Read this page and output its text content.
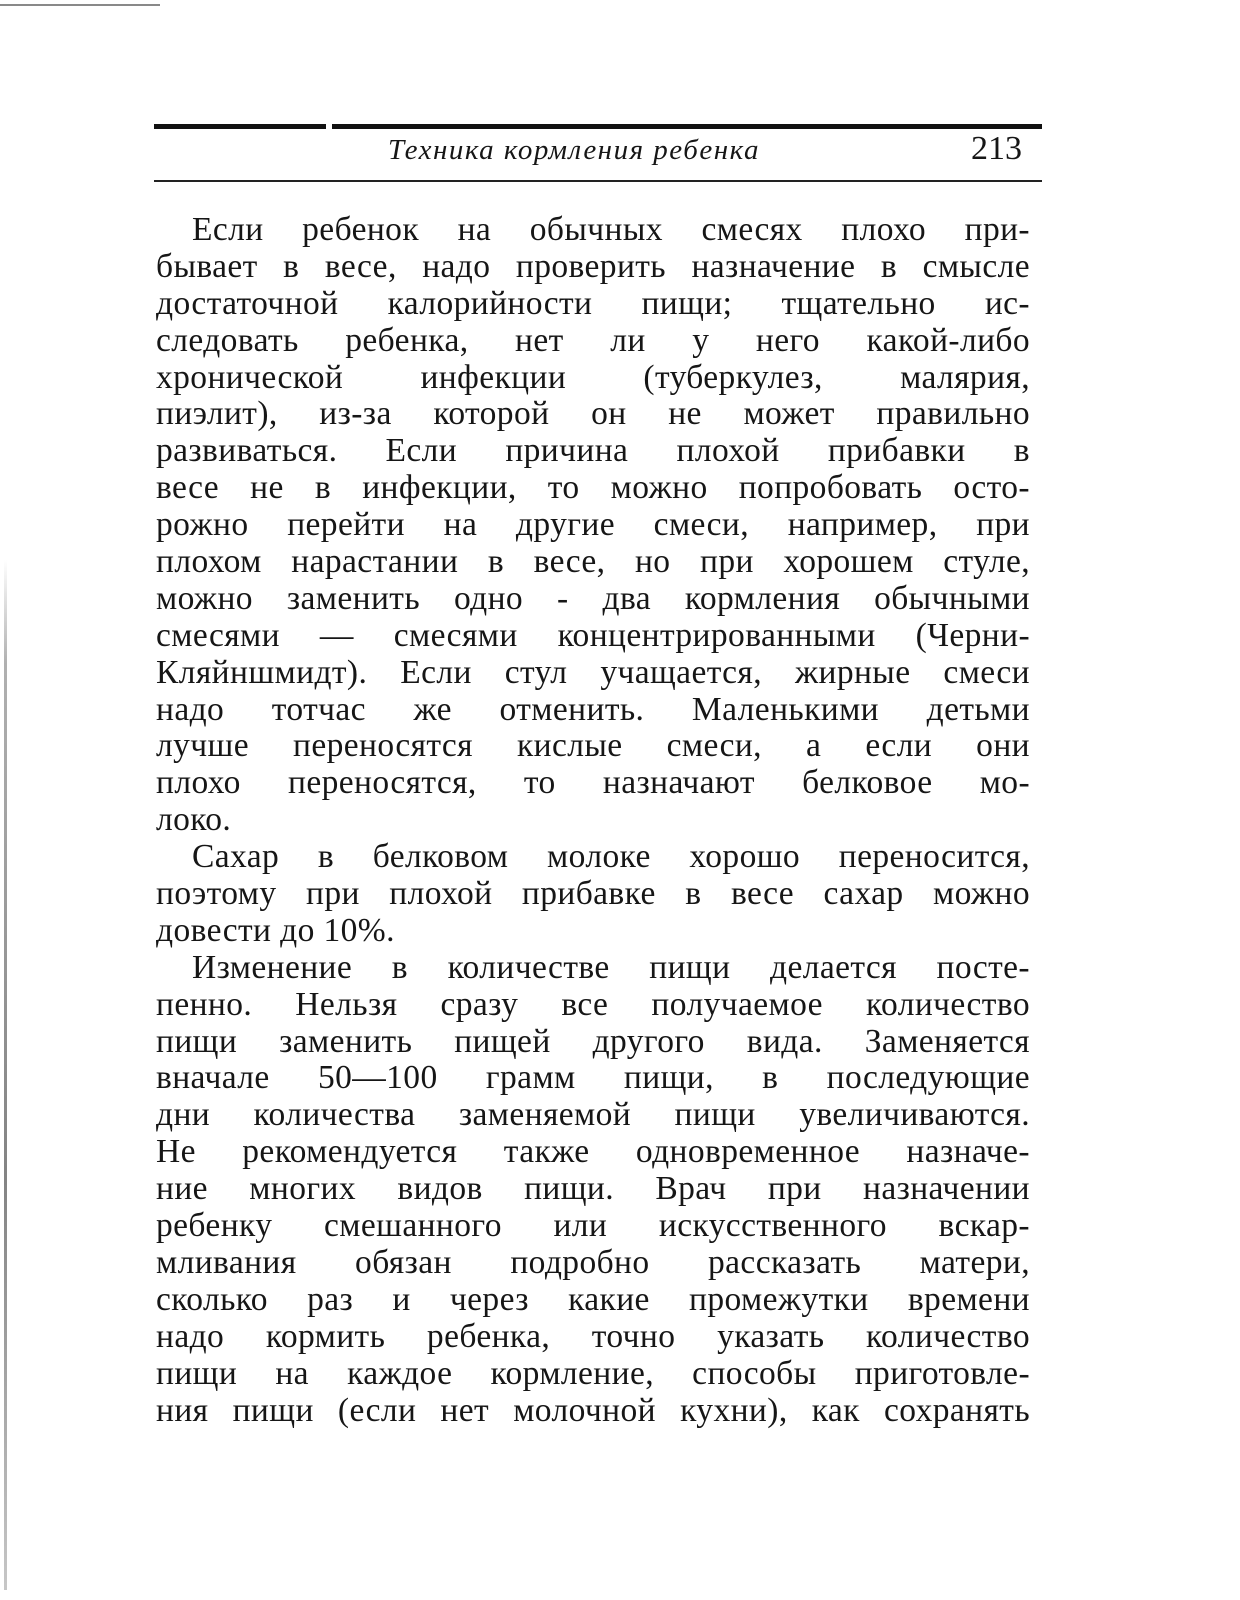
Техника кормления ребенка	213
Если ребенок на обычных смесях плохо при-
бывает в весе, надо проверить назначение в смысле
достаточной калорийности пищи; тщательно ис-
следовать ребенка, нет ли у него какой-либо
хронической инфекции (туберкулез, малярия,
пиэлит), из-за которой он не может правильно
развиваться. Если причина плохой прибавки в
весе не в инфекции, то можно попробовать осто-
рожно перейти на другие смеси, например, при
плохом нарастании в весе, но при хорошем стуле,
можно заменить одно - два кормления обычными
смесями — смесями концентрированными (Черни-
Кляйншмидт). Если стул учащается, жирные смеси
надо тотчас же отменить. Маленькими детьми
лучше переносятся кислые смеси, а если они
плохо переносятся, то назначают белковое мо-
локо.
Сахар в белковом молоке хорошо переносится,
поэтому при плохой прибавке в весе сахар можно
довести до 10%.
Изменение в количестве пищи делается посте-
пенно. Нельзя сразу все получаемое количество
пищи заменить пищей другого вида. Заменяется
вначале 50—100 грамм пищи, в последующие
дни количества заменяемой пищи увеличиваются.
Не рекомендуется также одновременное назначе-
ние многих видов пищи. Врач при назначении
ребенку смешанного или искусственного вскар-
мливания обязан подробно рассказать матери,
сколько раз и через какие промежутки времени
надо кормить ребенка, точно указать количество
пищи на каждое кормление, способы приготовле-
ния пищи (если нет молочной кухни), как сохранять
